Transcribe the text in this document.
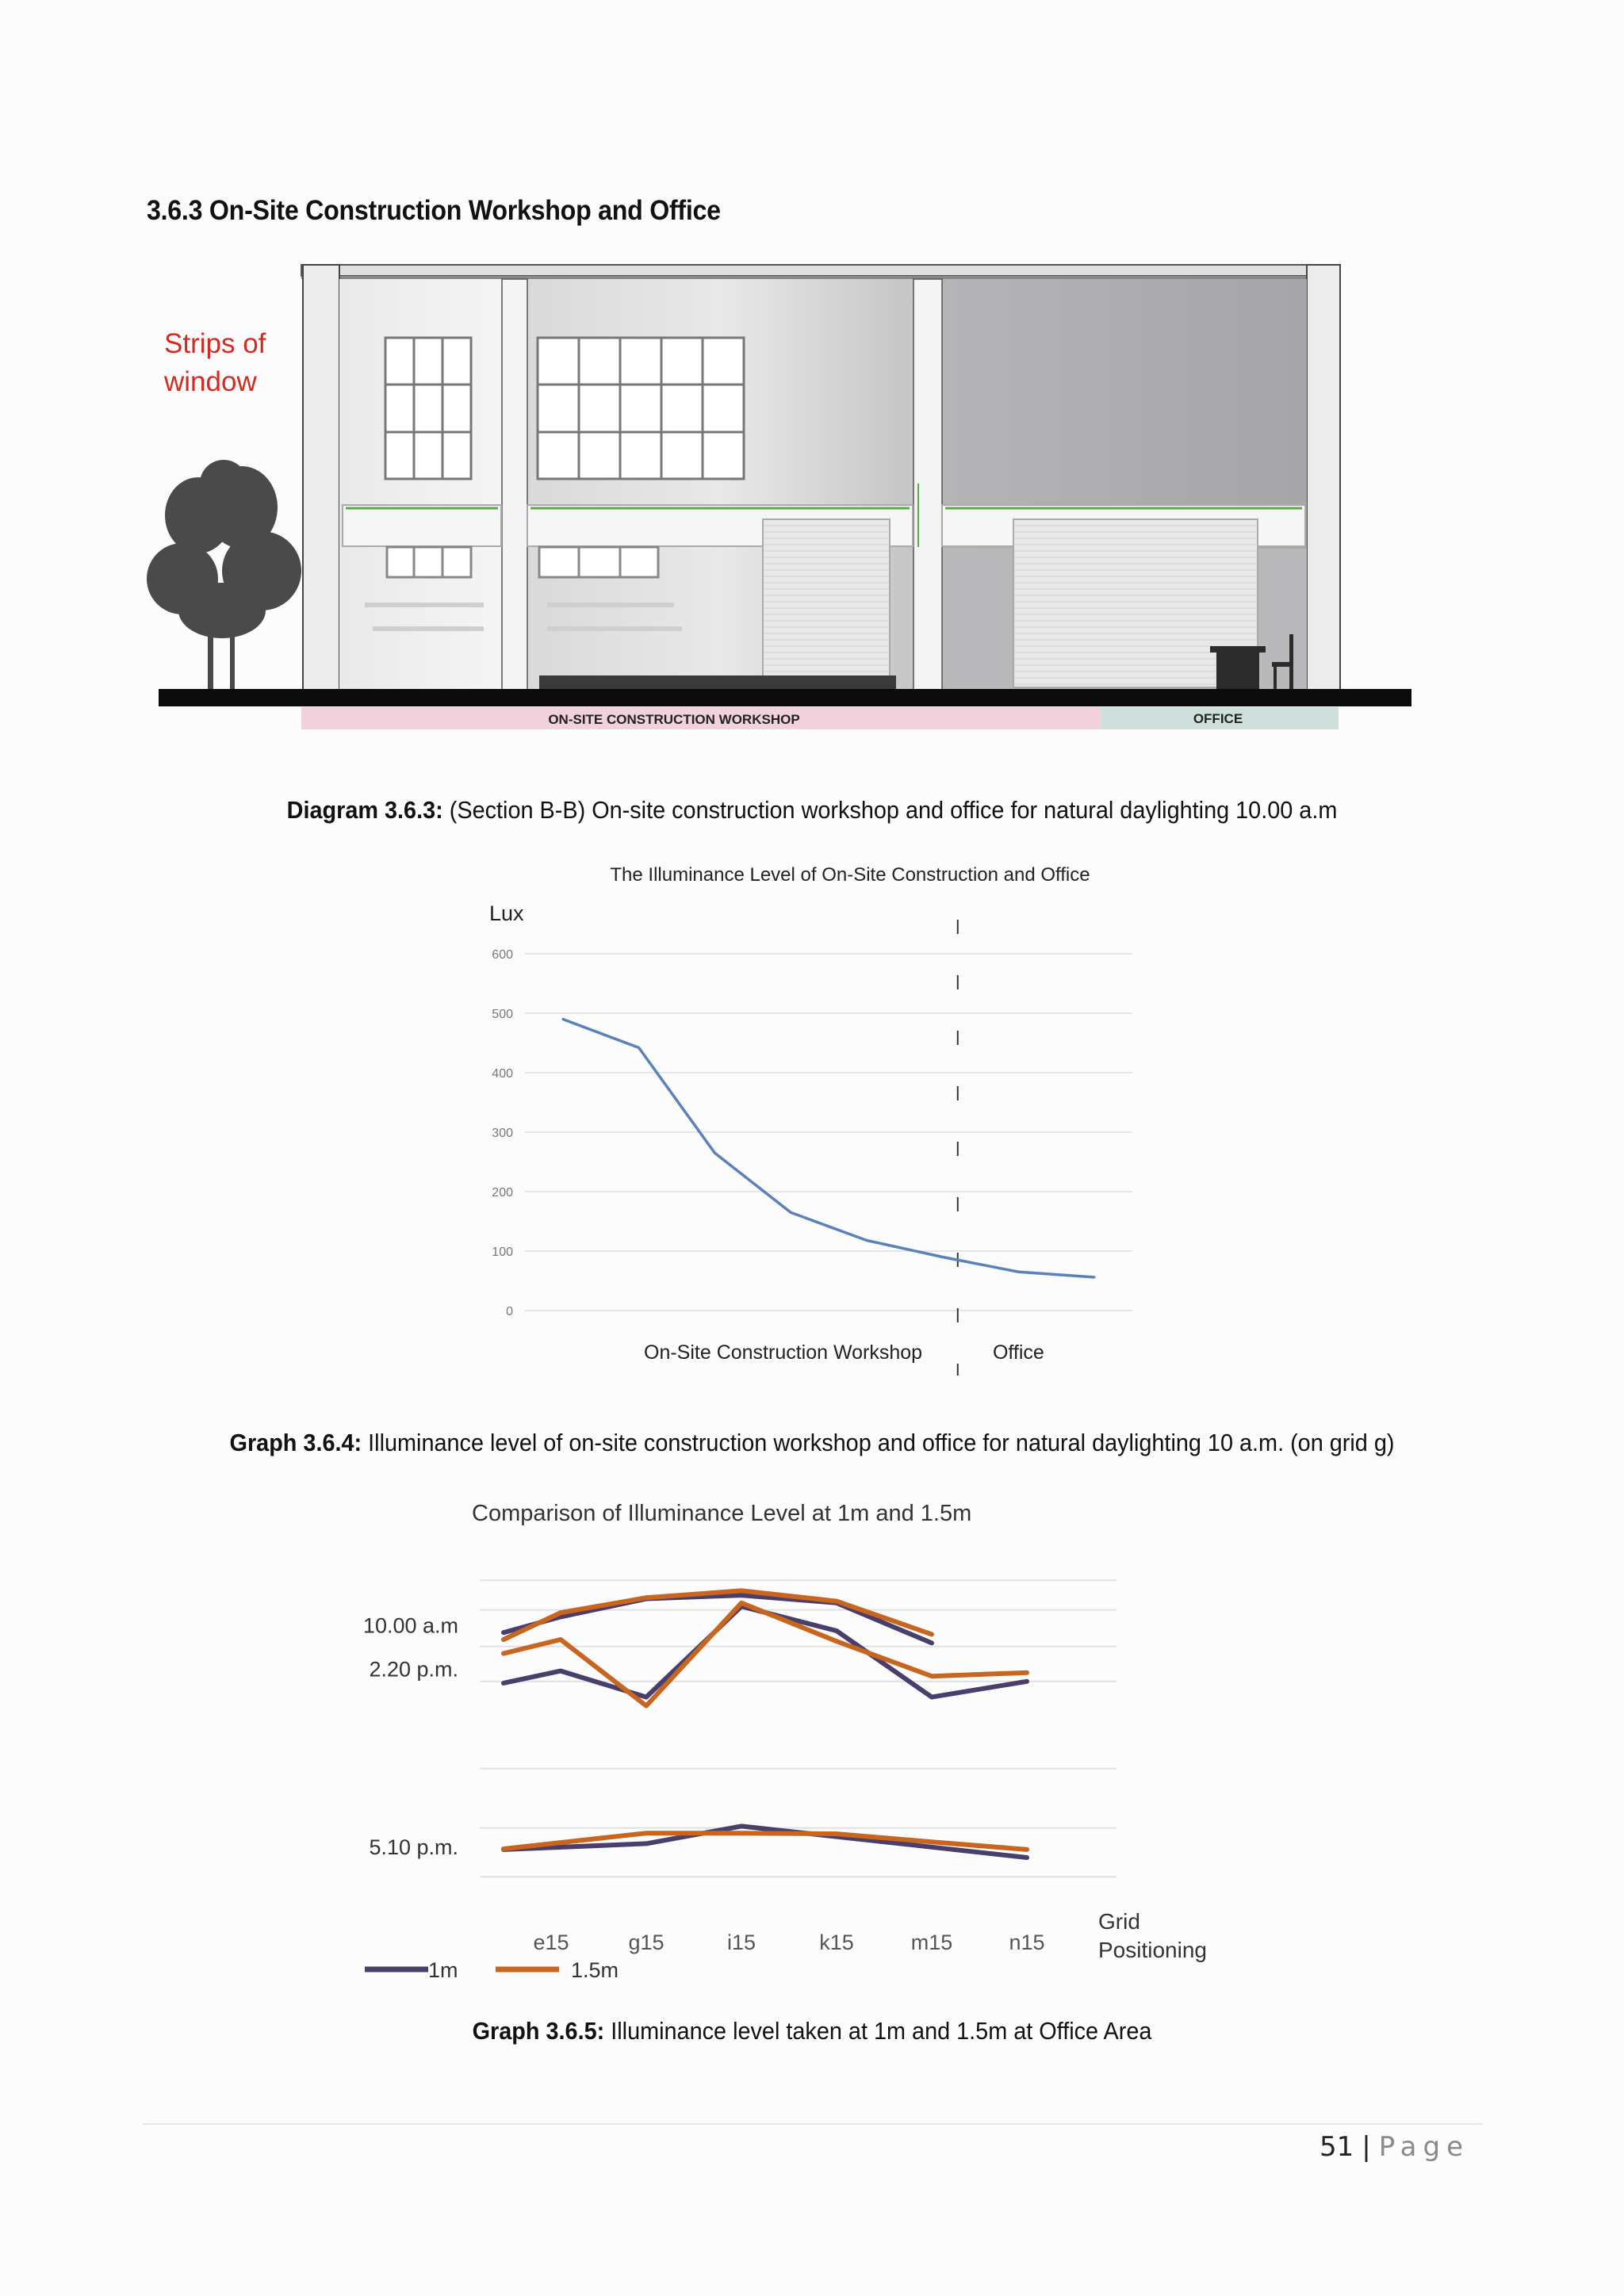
3.6.3 On-Site Construction Workshop and Office
ON-SITE CONSTRUCTION WORKSHOP	OFFICE
Strips of
window
Diagram 3.6.3: (Section B-B) On-site construction workshop and office for natural daylighting 10.00 a.m
The Illuminance Level of On-Site Construction and Office
Lux
0
100
200
300
400
500
600
On-Site Construction Workshop	Office
Graph 3.6.4: Illuminance level of on-site construction workshop and office for natural daylighting 10 a.m. (on grid g)
Comparison of Illuminance Level at 1m and 1.5m
10.00 a.m
2.20 p.m.
5.10 p.m.
e15	g15	i15	k15	m15	n15
Grid Positioning
1m	1.5m
Graph 3.6.5: Illuminance level taken at 1m and 1.5m at Office Area
51 | Page
